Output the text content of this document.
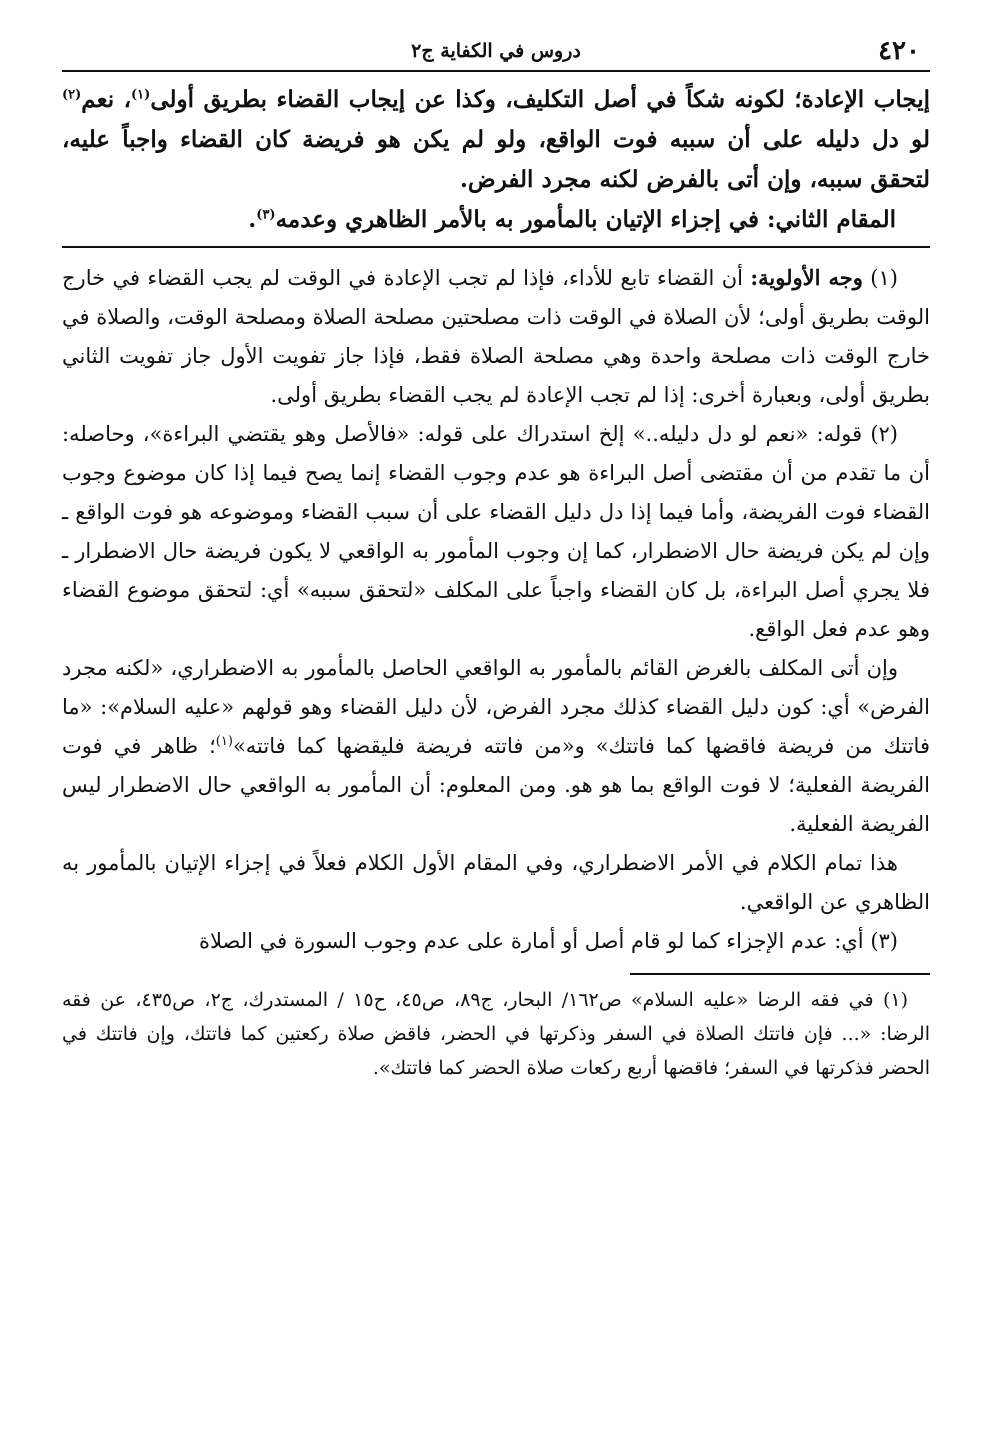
٤٢٠
دروس في الكفاية ج٢

إيجاب الإعادة؛ لكونه شكاً في أصل التكليف، وكذا عن إيجاب القضاء بطريق أولى$^{(١)}$، نعم$^{(٢)}$ لو دل دليله على أن سببه فوت الواقع، ولو لم يكن هو فريضة كان القضاء واجباً عليه، لتحقق سببه، وإن أتى بالفرض لكنه مجرد الفرض.

المقام الثاني: في إجزاء الإتيان بالمأمور به بالأمر الظاهري وعدمه$^{(٣)}$.

(١) وجه الأولوية: أن القضاء تابع للأداء، فإذا لم تجب الإعادة في الوقت لم يجب القضاء في خارج الوقت بطريق أولى؛ لأن الصلاة في الوقت ذات مصلحتين مصلحة الصلاة ومصلحة الوقت، والصلاة في خارج الوقت ذات مصلحة واحدة وهي مصلحة الصلاة فقط، فإذا جاز تفويت الأول جاز تفويت الثاني بطريق أولى، وبعبارة أخرى: إذا لم تجب الإعادة لم يجب القضاء بطريق أولى.

(٢) قوله: «نعم لو دل دليله..» إلخ استدراك على قوله: «فالأصل وهو يقتضي البراءة»، وحاصله: أن ما تقدم من أن مقتضى أصل البراءة هو عدم وجوب القضاء إنما يصح فيما إذا كان موضوع وجوب القضاء فوت الفريضة، وأما فيما إذا دل دليل القضاء على أن سبب القضاء وموضوعه هو فوت الواقع ـ وإن لم يكن فريضة حال الاضطرار، كما إن وجوب المأمور به الواقعي لا يكون فريضة حال الاضطرار ـ فلا يجري أصل البراءة، بل كان القضاء واجباً على المكلف «لتحقق سببه» أي: لتحقق موضوع القضاء وهو عدم فعل الواقع.

وإن أتى المكلف بالغرض القائم بالمأمور به الواقعي الحاصل بالمأمور به الاضطراري، «لكنه مجرد الفرض» أي: كون دليل القضاء كذلك مجرد الفرض، لأن دليل القضاء وهو قولهم «عليه السلام»: «ما فاتتك من فريضة فاقضها كما فاتتك» و«من فاتته فريضة فليقضها كما فاتته»$^{(١)}$؛ ظاهر في فوت الفريضة الفعلية؛ لا فوت الواقع بما هو هو. ومن المعلوم: أن المأمور به الواقعي حال الاضطرار ليس الفريضة الفعلية.

هذا تمام الكلام في الأمر الاضطراري، وفي المقام الأول الكلام فعلاً في إجزاء الإتيان بالمأمور به الظاهري عن الواقعي.

(٣) أي: عدم الإجزاء كما لو قام أصل أو أمارة على عدم وجوب السورة في الصلاة

(١) في فقه الرضا «عليه السلام» ص١٦٢/ البحار، ج٨٩، ص٤٥، ح١٥ / المستدرك، ج٢، ص٤٣٥، عن فقه الرضا: «... فإن فاتتك الصلاة في السفر وذكرتها في الحضر، فاقض صلاة ركعتين كما فاتتك، وإن فاتتك في الحضر فذكرتها في السفر؛ فاقضها أربع ركعات صلاة الحضر كما فاتتك».
